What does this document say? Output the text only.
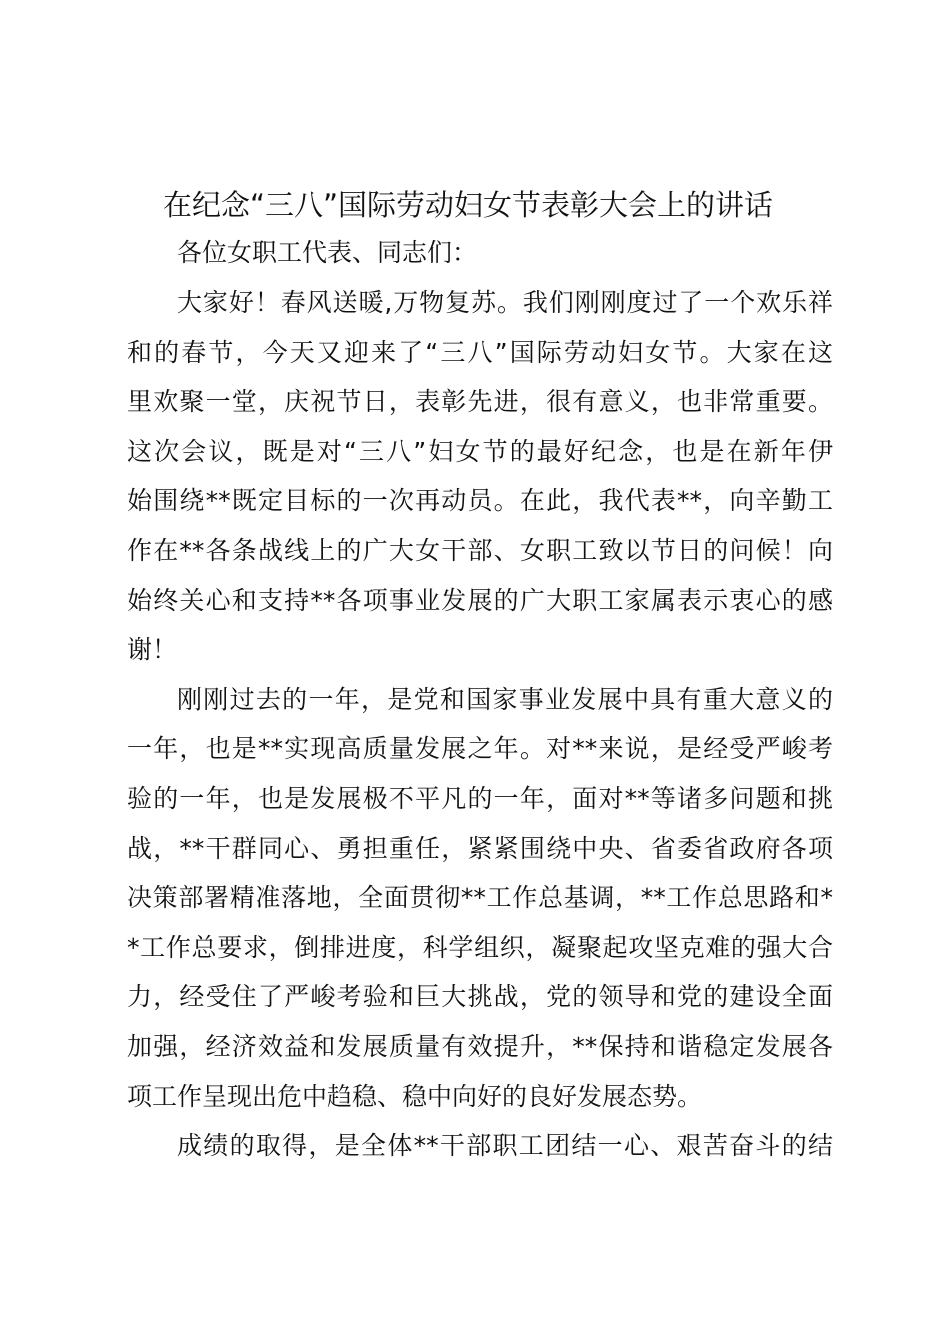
在纪念“三八”国际劳动妇女节表彰大会上的讲话

各位女职工代表、同志们：

大家好！春风送暖,万物复苏。我们刚刚度过了一个欢乐祥
和的春节，今天又迎来了“三八”国际劳动妇女节。大家在这
里欢聚一堂，庆祝节日，表彰先进，很有意义，也非常重要。
这次会议，既是对“三八”妇女节的最好纪念，也是在新年伊
始围绕**既定目标的一次再动员。在此，我代表**，向辛勤工
作在**各条战线上的广大女干部、女职工致以节日的问候！向
始终关心和支持**各项事业发展的广大职工家属表示衷心的感
谢！

刚刚过去的一年，是党和国家事业发展中具有重大意义的
一年，也是**实现高质量发展之年。对**来说，是经受严峻考
验的一年，也是发展极不平凡的一年，面对**等诸多问题和挑
战，**干群同心、勇担重任，紧紧围绕中央、省委省政府各项
决策部署精准落地，全面贯彻**工作总基调，**工作总思路和*
*工作总要求，倒排进度，科学组织，凝聚起攻坚克难的强大合
力，经受住了严峻考验和巨大挑战，党的领导和党的建设全面
加强，经济效益和发展质量有效提升，**保持和谐稳定发展各
项工作呈现出危中趋稳、稳中向好的良好发展态势。

成绩的取得，是全体**干部职工团结一心、艰苦奋斗的结
